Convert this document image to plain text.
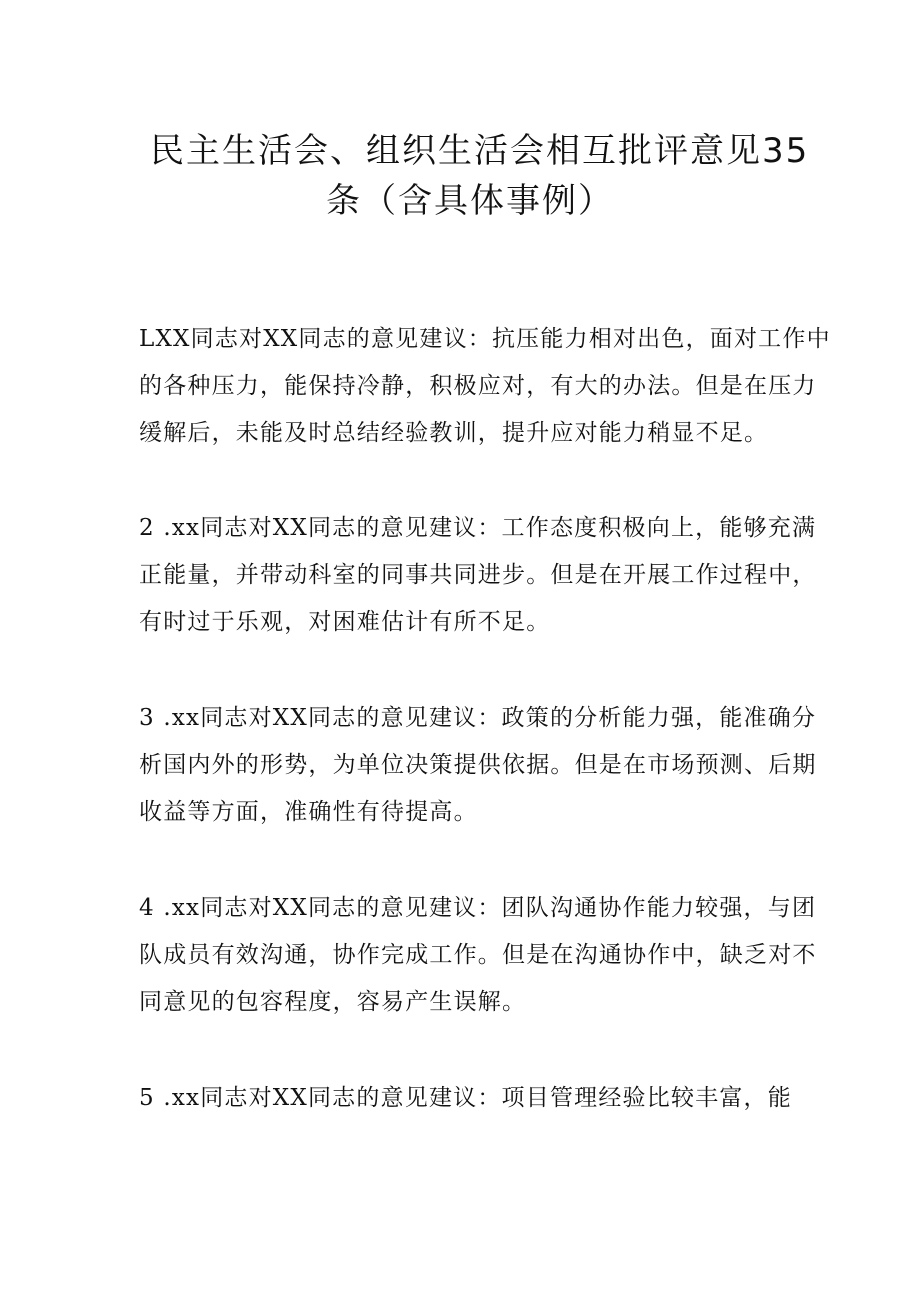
民主生活会、组织生活会相互批评意见35
条（含具体事例）

LXX同志对XX同志的意见建议：抗压能力相对出色，面对工作中
的各种压力，能保持冷静，积极应对，有大的办法。但是在压力
缓解后，未能及时总结经验教训，提升应对能力稍显不足。

2 .xx同志对XX同志的意见建议：工作态度积极向上，能够充满
正能量，并带动科室的同事共同进步。但是在开展工作过程中，
有时过于乐观，对困难估计有所不足。

3 .xx同志对XX同志的意见建议：政策的分析能力强，能准确分
析国内外的形势，为单位决策提供依据。但是在市场预测、后期
收益等方面，准确性有待提高。

4 .xx同志对XX同志的意见建议：团队沟通协作能力较强，与团
队成员有效沟通，协作完成工作。但是在沟通协作中，缺乏对不
同意见的包容程度，容易产生误解。

5 .xx同志对XX同志的意见建议：项目管理经验比较丰富，能
